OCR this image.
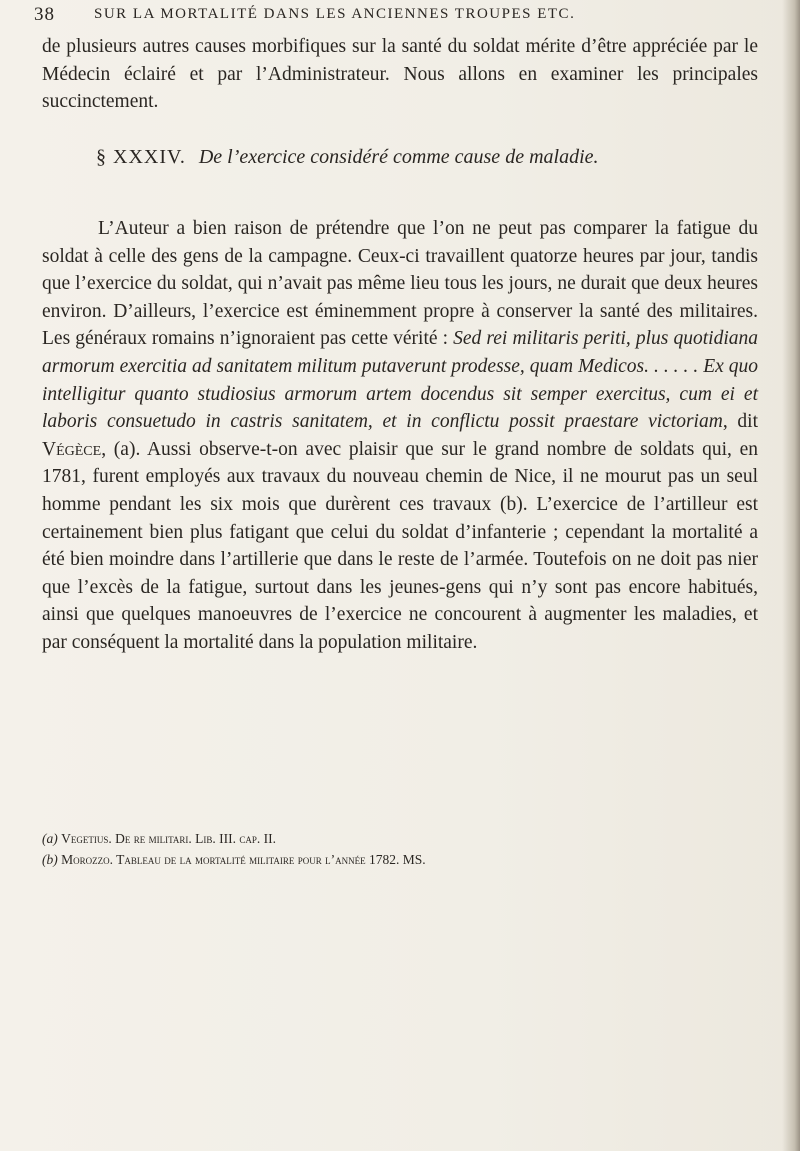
38	SUR LA MORTALITÉ DANS LES ANCIENNES TROUPES ETC.

de plusieurs autres causes morbifiques sur la santé du soldat mérite d’être appréciée par le Médecin éclairé et par l’Administrateur. Nous allons en examiner les principales succinctement.

§ XXXIV. De l’exercice considéré comme cause de maladie.

L’Auteur a bien raison de prétendre que l’on ne peut pas comparer la fatigue du soldat à celle des gens de la campagne. Ceux-ci travaillent quatorze heures par jour, tandis que l’exercice du soldat, qui n’avait pas même lieu tous les jours, ne durait que deux heures environ. D’ailleurs, l’exercice est éminemment propre à conserver la santé des militaires. Les généraux romains n’ignoraient pas cette vérité : Sed rei militaris periti, plus quotidiana armorum exercitia ad sanitatem militum putaverunt prodesse, quam Medicos. . . . . . Ex quo intelligitur quanto studiosius armorum artem docendus sit semper exercitus, cum ei et laboris consuetudo in castris sanitatem, et in conflictu possit praestare victoriam, dit Végèce, (a). Aussi observe-t-on avec plaisir que sur le grand nombre de soldats qui, en 1781, furent employés aux travaux du nouveau chemin de Nice, il ne mourut pas un seul homme pendant les six mois que durèrent ces travaux (b). L’exercice de l’artilleur est certainement bien plus fatigant que celui du soldat d’infanterie ; cependant la mortalité a été bien moindre dans l’artillerie que dans le reste de l’armée. Toutefois on ne doit pas nier que l’excès de la fatigue, surtout dans les jeunes-gens qui n’y sont pas encore habitués, ainsi que quelques manoeuvres de l’exercice ne concourent à augmenter les maladies, et par conséquent la mortalité dans la population militaire.

(a) Vegetius. De re militari. Lib. III. cap. II.
(b) Morozzo. Tableau de la mortalité militaire pour l’année 1782. MS.
